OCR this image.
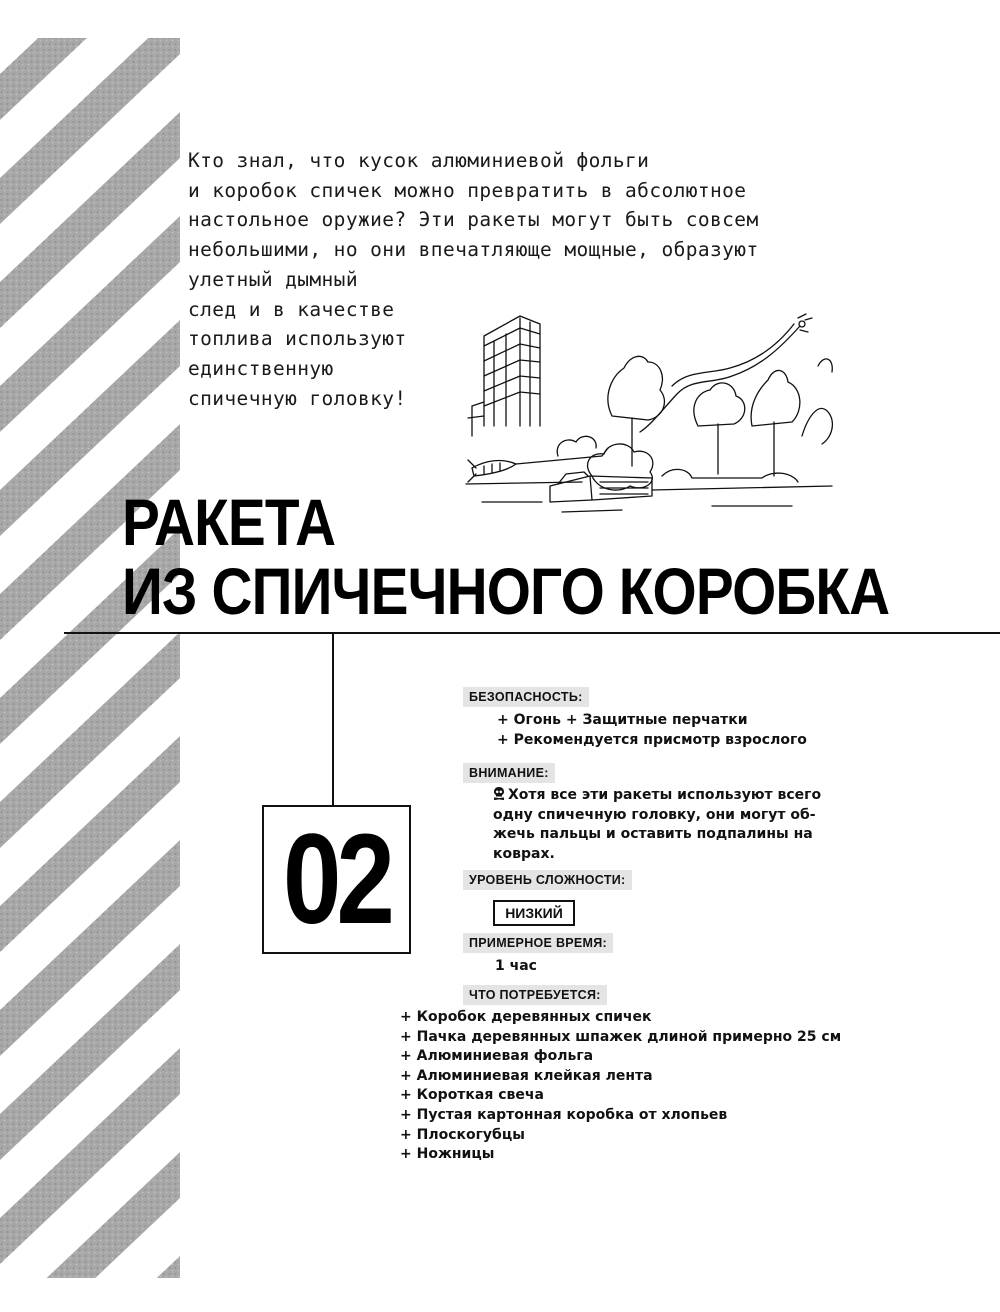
Кто знал, что кусок алюминиевой фольги
и коробок спичек можно превратить в абсолютное
настольное оружие? Эти ракеты могут быть совсем
небольшими, но они впечатляюще мощные, образуют
улетный дымный
след и в качестве
топлива используют
единственную
спичечную головку!
РАКЕТА
ИЗ СПИЧЕЧНОГО КОРОБКА
02
БЕЗОПАСНОСТЬ:
+ Огонь + Защитные перчатки
+ Рекомендуется присмотр взрослого
ВНИМАНИЕ:
Хотя все эти ракеты используют всего
одну спичечную головку, они могут об-
жечь пальцы и оставить подпалины на
коврах.
УРОВЕНЬ СЛОЖНОСТИ:
НИЗКИЙ
ПРИМЕРНОЕ ВРЕМЯ:
1 час
ЧТО ПОТРЕБУЕТСЯ:
+ Коробок деревянных спичек
+ Пачка деревянных шпажек длиной примерно 25 см
+ Алюминиевая фольга
+ Алюминиевая клейкая лента
+ Короткая свеча
+ Пустая картонная коробка от хлопьев
+ Плоскогубцы
+ Ножницы
